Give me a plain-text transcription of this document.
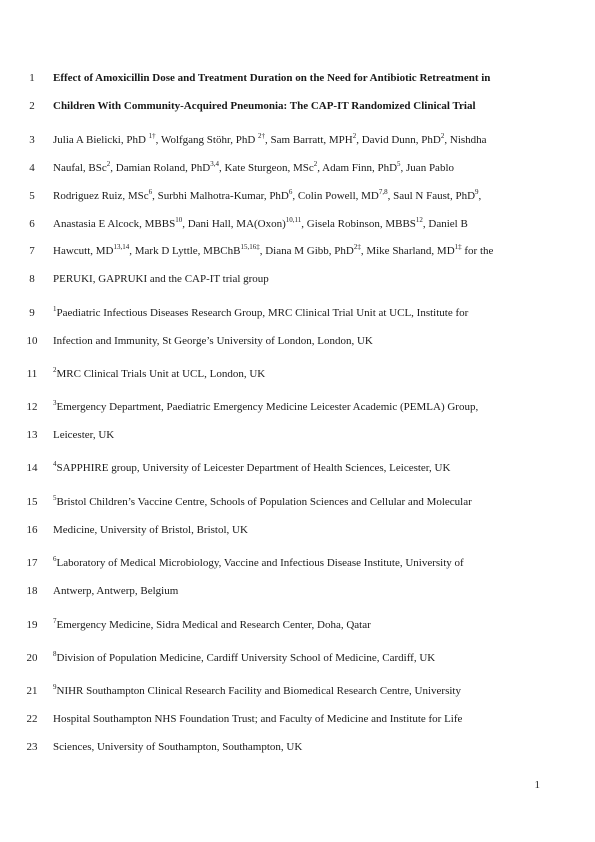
1	Effect of Amoxicillin Dose and Treatment Duration on the Need for Antibiotic Retreatment in
2	Children With Community-Acquired Pneumonia: The CAP-IT Randomized Clinical Trial
3	Julia A Bielicki, PhD $^{1\dagger}$, Wolfgang Stöhr, PhD $^{2\dagger}$, Sam Barratt, MPH$^2$, David Dunn, PhD$^2$, Nishdha
4	Naufal, BSc$^2$, Damian Roland, PhD$^{3,4}$, Kate Sturgeon, MSc$^2$, Adam Finn, PhD$^5$, Juan Pablo
5	Rodriguez Ruiz, MSc$^6$, Surbhi Malhotra-Kumar, PhD$^6$, Colin Powell, MD$^{7,8}$, Saul N Faust, PhD$^9$,
6	Anastasia E Alcock, MBBS$^{10}$, Dani Hall, MA(Oxon)$^{10,11}$, Gisela Robinson, MBBS$^{12}$, Daniel B
7	Hawcutt, MD$^{13,14}$, Mark D Lyttle, MBChB$^{15,16\ddagger}$, Diana M Gibb, PhD$^{2\ddagger}$, Mike Sharland, $MD^{1\ddagger}$ for the
8	PERUKI, GAPRUKI and the CAP-IT trial group
9	$^1$Paediatric Infectious Diseases Research Group, MRC Clinical Trial Unit at UCL, Institute for
10	Infection and Immunity, St George’s University of London, London, UK
11	$^2$MRC Clinical Trials Unit at UCL, London, UK
12	$^3$Emergency Department, Paediatric Emergency Medicine Leicester Academic (PEMLA) Group,
13	Leicester, UK
14	$^4$SAPPHIRE group, University of Leicester Department of Health Sciences, Leicester, UK
15	$^5$Bristol Children’s Vaccine Centre, Schools of Population Sciences and Cellular and Molecular
16	Medicine, University of Bristol, Bristol, UK
17	$^6$Laboratory of Medical Microbiology, Vaccine and Infectious Disease Institute, University of
18	Antwerp, Antwerp, Belgium
19	$^7$Emergency Medicine, Sidra Medical and Research Center, Doha, Qatar
20	$^8$Division of Population Medicine, Cardiff University School of Medicine, Cardiff, UK
21	$^9$NIHR Southampton Clinical Research Facility and Biomedical Research Centre, University
22	Hospital Southampton NHS Foundation Trust; and Faculty of Medicine and Institute for Life
23	Sciences, University of Southampton, Southampton, UK
1
